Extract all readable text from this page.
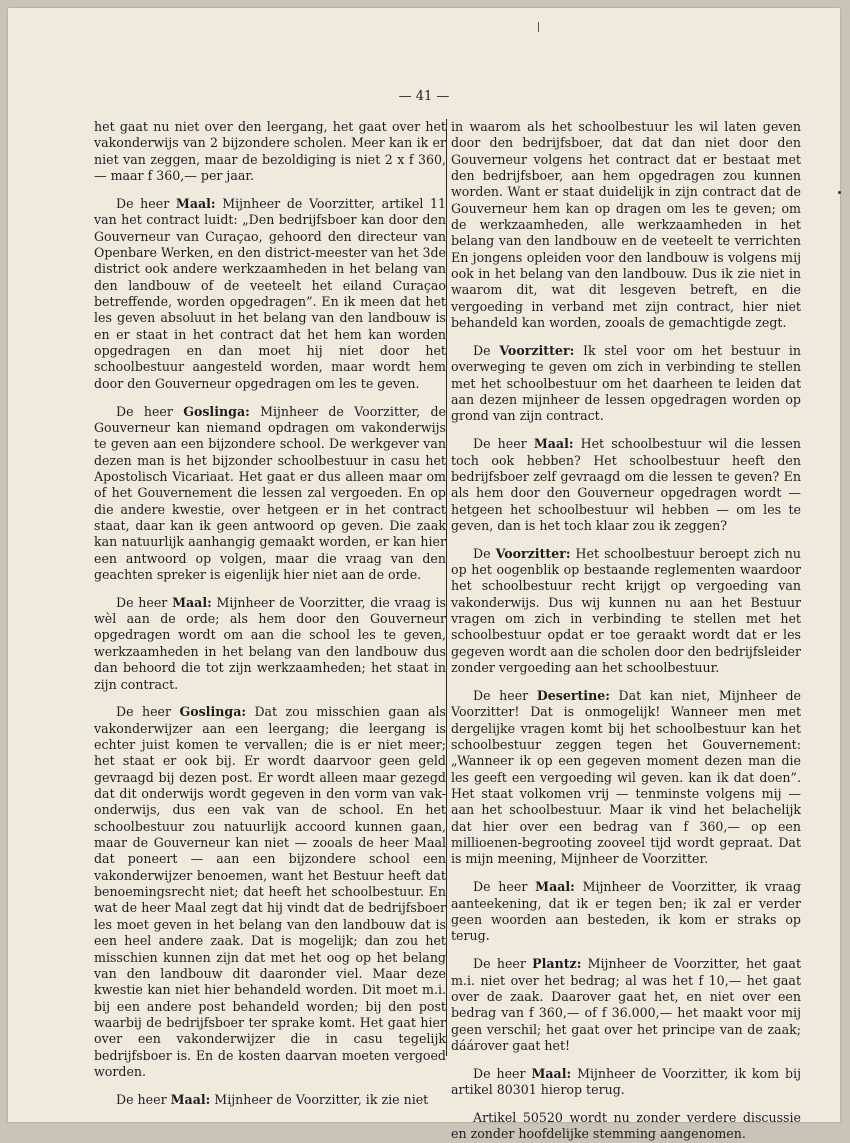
— 41 —

het gaat nu niet over den leergang, het gaat over het vakonderwijs van 2 bijzondere scholen. Meer kan ik er niet van zeggen, maar de bezoldiging is niet 2 x f 360,— maar f 360,— per jaar.

De heer Maal: Mijnheer de Voorzitter, artikel 11 van het contract luidt: „Den bedrijfsboer kan door den Gouverneur van Curaçao, gehoord den directeur van Openbare Werken, en den district-meester van het 3de district ook andere werkzaamheden in het belang van den landbouw of de veeteelt het eiland Curaçao betreffende, worden opgedragen”. En ik meen dat het les geven absoluut in het belang van den landbouw is en er staat in het contract dat het hem kan worden opgedragen en dan moet hij niet door het schoolbestuur aangesteld worden, maar wordt hem door den Gouverneur opgedragen om les te geven.

De heer Goslinga: Mijnheer de Voorzitter, de Gouverneur kan niemand opdragen om vakonderwijs te geven aan een bijzondere school. De werkgever van dezen man is het bijzonder schoolbestuur in casu het Apostolisch Vicariaat. Het gaat er dus alleen maar om of het Gouvernement die lessen zal vergoeden. En op die andere kwestie, over hetgeen er in het contract staat, daar kan ik geen antwoord op geven. Die zaak kan natuurlijk aanhangig gemaakt worden, er kan hier een antwoord op volgen, maar die vraag van den geachten spreker is eigenlijk hier niet aan de orde.

De heer Maal: Mijnheer de Voorzitter, die vraag is wèl aan de orde; als hem door den Gouverneur opgedragen wordt om aan die school les te geven, werkzaamheden in het belang van den landbouw dus dan behoord die tot zijn werkzaamheden; het staat in zijn contract.

De heer Goslinga: Dat zou misschien gaan als vakonderwijzer aan een leergang; die leergang is echter juist komen te vervallen; die is er niet meer; het staat er ook bij. Er wordt daarvoor geen geld gevraagd bij dezen post. Er wordt alleen maar gezegd dat dit onderwijs wordt gegeven in den vorm van vak-onderwijs, dus een vak van de school. En het schoolbestuur zou natuurlijk accoord kunnen gaan, maar de Gouverneur kan niet — zooals de heer Maal dat poneert — aan een bijzondere school een vakonderwijzer benoemen, want het Bestuur heeft dat benoemingsrecht niet; dat heeft het schoolbestuur. En wat de heer Maal zegt dat hij vindt dat de bedrijfsboer les moet geven in het belang van den landbouw dat is een heel andere zaak. Dat is mogelijk; dan zou het misschien kunnen zijn dat met het oog op het belang van den landbouw dit daaronder viel. Maar deze kwestie kan niet hier behandeld worden. Dit moet m.i. bij een andere post behandeld worden; bij den post waarbij de bedrijfsboer ter sprake komt. Het gaat hier over een vakonderwijzer die in casu tegelijk bedrijfsboer is. En de kosten daarvan moeten vergoed worden.

De heer Maal: Mijnheer de Voorzitter, ik zie niet

in waarom als het schoolbestuur les wil laten geven door den bedrijfsboer, dat dat dan niet door den Gouverneur volgens het contract dat er bestaat met den bedrijfsboer, aan hem opgedragen zou kunnen worden. Want er staat duidelijk in zijn contract dat de Gouverneur hem kan op dragen om les te geven; om de werkzaamheden, alle werkzaamheden in het belang van den landbouw en de veeteelt te verrichten En jongens opleiden voor den landbouw is volgens mij ook in het belang van den landbouw. Dus ik zie niet in waarom dit, wat dit lesgeven betreft, en die vergoeding in verband met zijn contract, hier niet behandeld kan worden, zooals de gemachtigde zegt.

De Voorzitter: Ik stel voor om het bestuur in overweging te geven om zich in verbinding te stellen met het schoolbestuur om het daarheen te leiden dat aan dezen mijnheer de lessen opgedragen worden op grond van zijn contract.

De heer Maal: Het schoolbestuur wil die lessen toch ook hebben? Het schoolbestuur heeft den bedrijfsboer zelf gevraagd om die lessen te geven? En als hem door den Gouverneur opgedragen wordt — hetgeen het schoolbestuur wil hebben — om les te geven, dan is het toch klaar zou ik zeggen?

De Voorzitter: Het schoolbestuur beroept zich nu op het oogenblik op bestaande reglementen waardoor het schoolbestuur recht krijgt op vergoeding van vakonderwijs. Dus wij kunnen nu aan het Bestuur vragen om zich in verbinding te stellen met het schoolbestuur opdat er toe geraakt wordt dat er les gegeven wordt aan die scholen door den bedrijfsleider zonder vergoeding aan het schoolbestuur.

De heer Desertine: Dat kan niet, Mijnheer de Voorzitter! Dat is onmogelijk! Wanneer men met dergelijke vragen komt bij het schoolbestuur kan het schoolbestuur zeggen tegen het Gouvernement: „Wanneer ik op een gegeven moment dezen man die les geeft een vergoeding wil geven. kan ik dat doen”. Het staat volkomen vrij — tenminste volgens mij — aan het schoolbestuur. Maar ik vind het belachelijk dat hier over een bedrag van f 360,— op een millioenen-begrooting zooveel tijd wordt gepraat. Dat is mijn meening, Mijnheer de Voorzitter.

De heer Maal: Mijnheer de Voorzitter, ik vraag aanteekening, dat ik er tegen ben; ik zal er verder geen woorden aan besteden, ik kom er straks op terug.

De heer Plantz: Mijnheer de Voorzitter, het gaat m.i. niet over het bedrag; al was het f 10,— het gaat over de zaak. Daarover gaat het, en niet over een bedrag van f 360,— of f 36.000,— het maakt voor mij geen verschil; het gaat over het principe van de zaak; dáárover gaat het!

De heer Maal: Mijnheer de Voorzitter, ik kom bij artikel 80301 hierop terug.

Artikel 50520 wordt nu zonder verdere discussie en zonder hoofdelijke stemming aangenomen.
